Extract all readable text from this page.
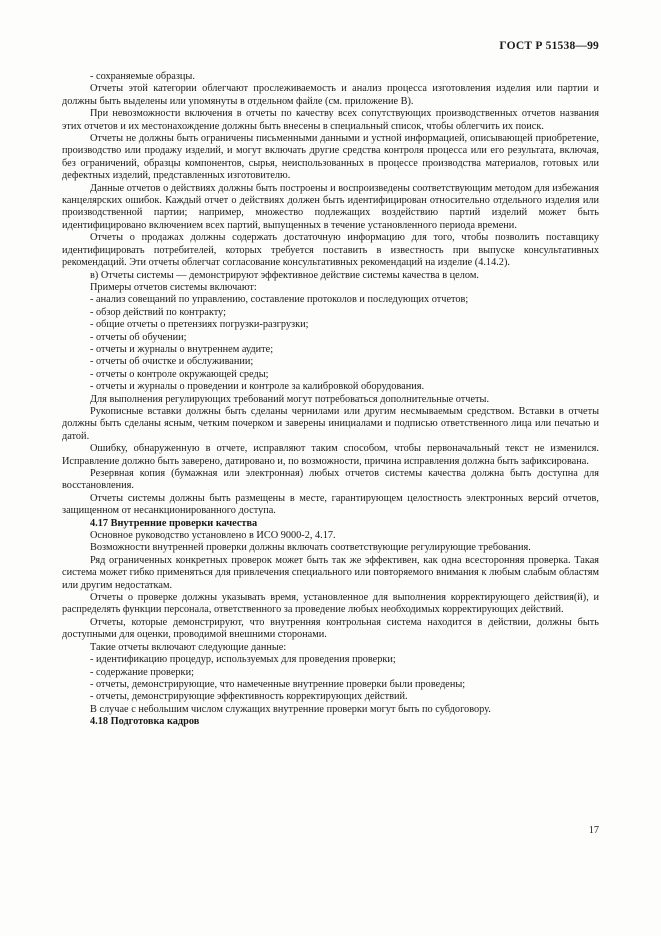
ГОСТ Р 51538—99

- сохраняемые образцы.

Отчеты этой категории облегчают прослеживаемость и анализ процесса изготовления изделия или партии и должны быть выделены или упомянуты в отдельном файле (см. приложение В).

При невозможности включения в отчеты по качеству всех сопутствующих производственных отчетов названия этих отчетов и их местонахождение должны быть внесены в специальный список, чтобы облегчить их поиск.

Отчеты не должны быть ограничены письменными данными и устной информацией, описывающей приобретение, производство или продажу изделий, и могут включать другие средства контроля процесса или его результата, включая, без ограничений, образцы компонентов, сырья, неиспользованных в процессе производства материалов, готовых или дефектных изделий, представленных изготовителю.

Данные отчетов о действиях должны быть построены и воспроизведены соответствующим методом для избежания канцелярских ошибок. Каждый отчет о действиях должен быть идентифицирован относительно отдельного изделия или производственной партии; например, множество подлежащих воздействию партий изделий может быть идентифицировано включением всех партий, выпущенных в течение установленного периода времени.

Отчеты о продажах должны содержать достаточную информацию для того, чтобы позволить поставщику идентифицировать потребителей, которых требуется поставить в известность при выпуске консультативных рекомендаций. Эти отчеты облегчат согласование консультативных рекомендаций на изделие (4.14.2).

в) Отчеты системы — демонстрируют эффективное действие системы качества в целом.

Примеры отчетов системы включают:

- анализ совещаний по управлению, составление протоколов и последующих отчетов;

- обзор действий по контракту;

- общие отчеты о претензиях погрузки-разгрузки;

- отчеты об обучении;

- отчеты и журналы о внутреннем аудите;

- отчеты об очистке и обслуживании;

- отчеты о контроле окружающей среды;

- отчеты и журналы о проведении и контроле за калибровкой оборудования.

Для выполнения регулирующих требований могут потребоваться дополнительные отчеты.

Рукописные вставки должны быть сделаны чернилами или другим несмываемым средством. Вставки в отчеты должны быть сделаны ясным, четким почерком и заверены инициалами и подписью ответственного лица или печатью и датой.

Ошибку, обнаруженную в отчете, исправляют таким способом, чтобы первоначальный текст не изменился. Исправление должно быть заверено, датировано и, по возможности, причина исправления должна быть зафиксирована.

Резервная копия (бумажная или электронная) любых отчетов системы качества должна быть доступна для восстановления.

Отчеты системы должны быть размещены в месте, гарантирующем целостность электронных версий отчетов, защищенном от несанкционированного доступа.

4.17 Внутренние проверки качества

Основное руководство установлено в ИСО 9000-2, 4.17.

Возможности внутренней проверки должны включать соответствующие регулирующие требования.

Ряд ограниченных конкретных проверок может быть так же эффективен, как одна всесторонняя проверка. Такая система может гибко применяться для привлечения специального или повторяемого внимания к любым слабым областям или другим недостаткам.

Отчеты о проверке должны указывать время, установленное для выполнения корректирующего действия(й), и распределять функции персонала, ответственного за проведение любых необходимых корректирующих действий.

Отчеты, которые демонстрируют, что внутренняя контрольная система находится в действии, должны быть доступными для оценки, проводимой внешними сторонами.

Такие отчеты включают следующие данные:

- идентификацию процедур, используемых для проведения проверки;

- содержание проверки;

- отчеты, демонстрирующие, что намеченные внутренние проверки были проведены;

- отчеты, демонстрирующие эффективность корректирующих действий.

В случае с небольшим числом служащих внутренние проверки могут быть по субдоговору.

4.18 Подготовка кадров

17
